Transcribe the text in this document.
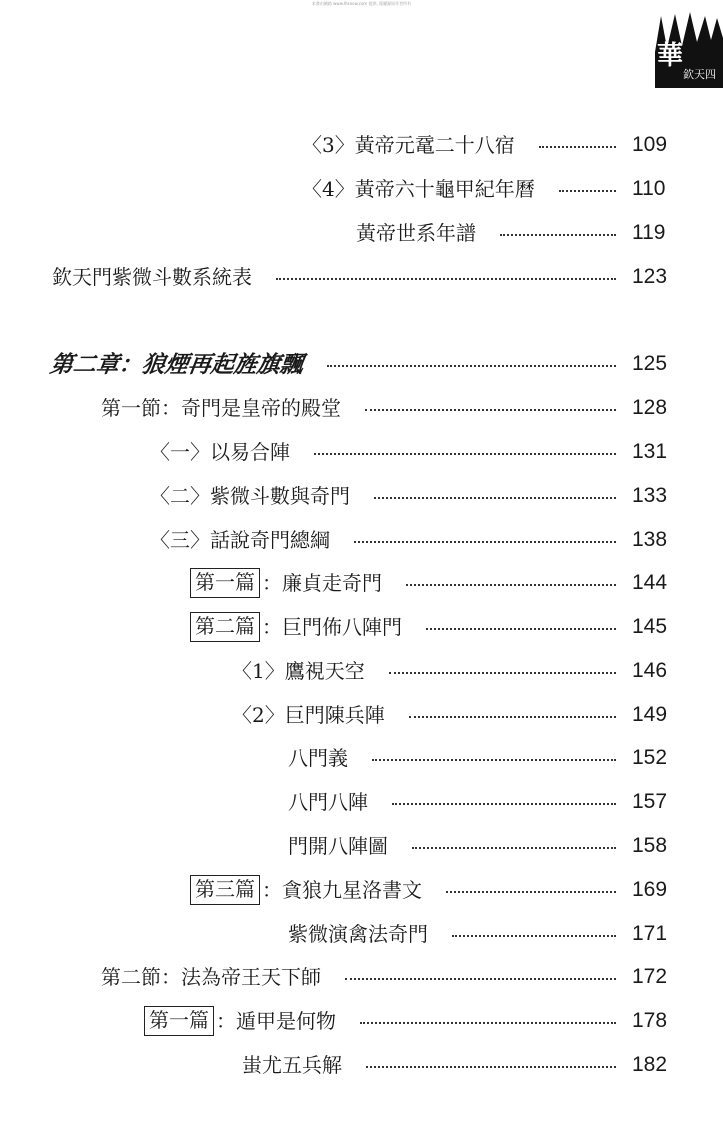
本書由網路 www.lhsnow.com 提供, 版權歸原作者所有
華
欽天四
〈3〉黃帝元鼋二十八宿	109
〈4〉黃帝六十龜甲紀年曆	110
黃帝世系年譜	119
欽天門紫微斗數系統表	123
第二章：狼煙再起旌旗飄	125
第一節：奇門是皇帝的殿堂	128
〈一〉以易合陣	131
〈二〉紫微斗數與奇門	133
〈三〉話說奇門總綱	138
第一篇 ：廉貞走奇門	144
第二篇 ：巨門佈八陣門	145
〈1〉鷹視天空	146
〈2〉巨門陳兵陣	149
八門義	152
八門八陣	157
門開八陣圖	158
第三篇 ：貪狼九星洛書文	169
紫微演禽法奇門	171
第二節：法為帝王天下師	172
第一篇 ：遁甲是何物	178
蚩尤五兵解	182
